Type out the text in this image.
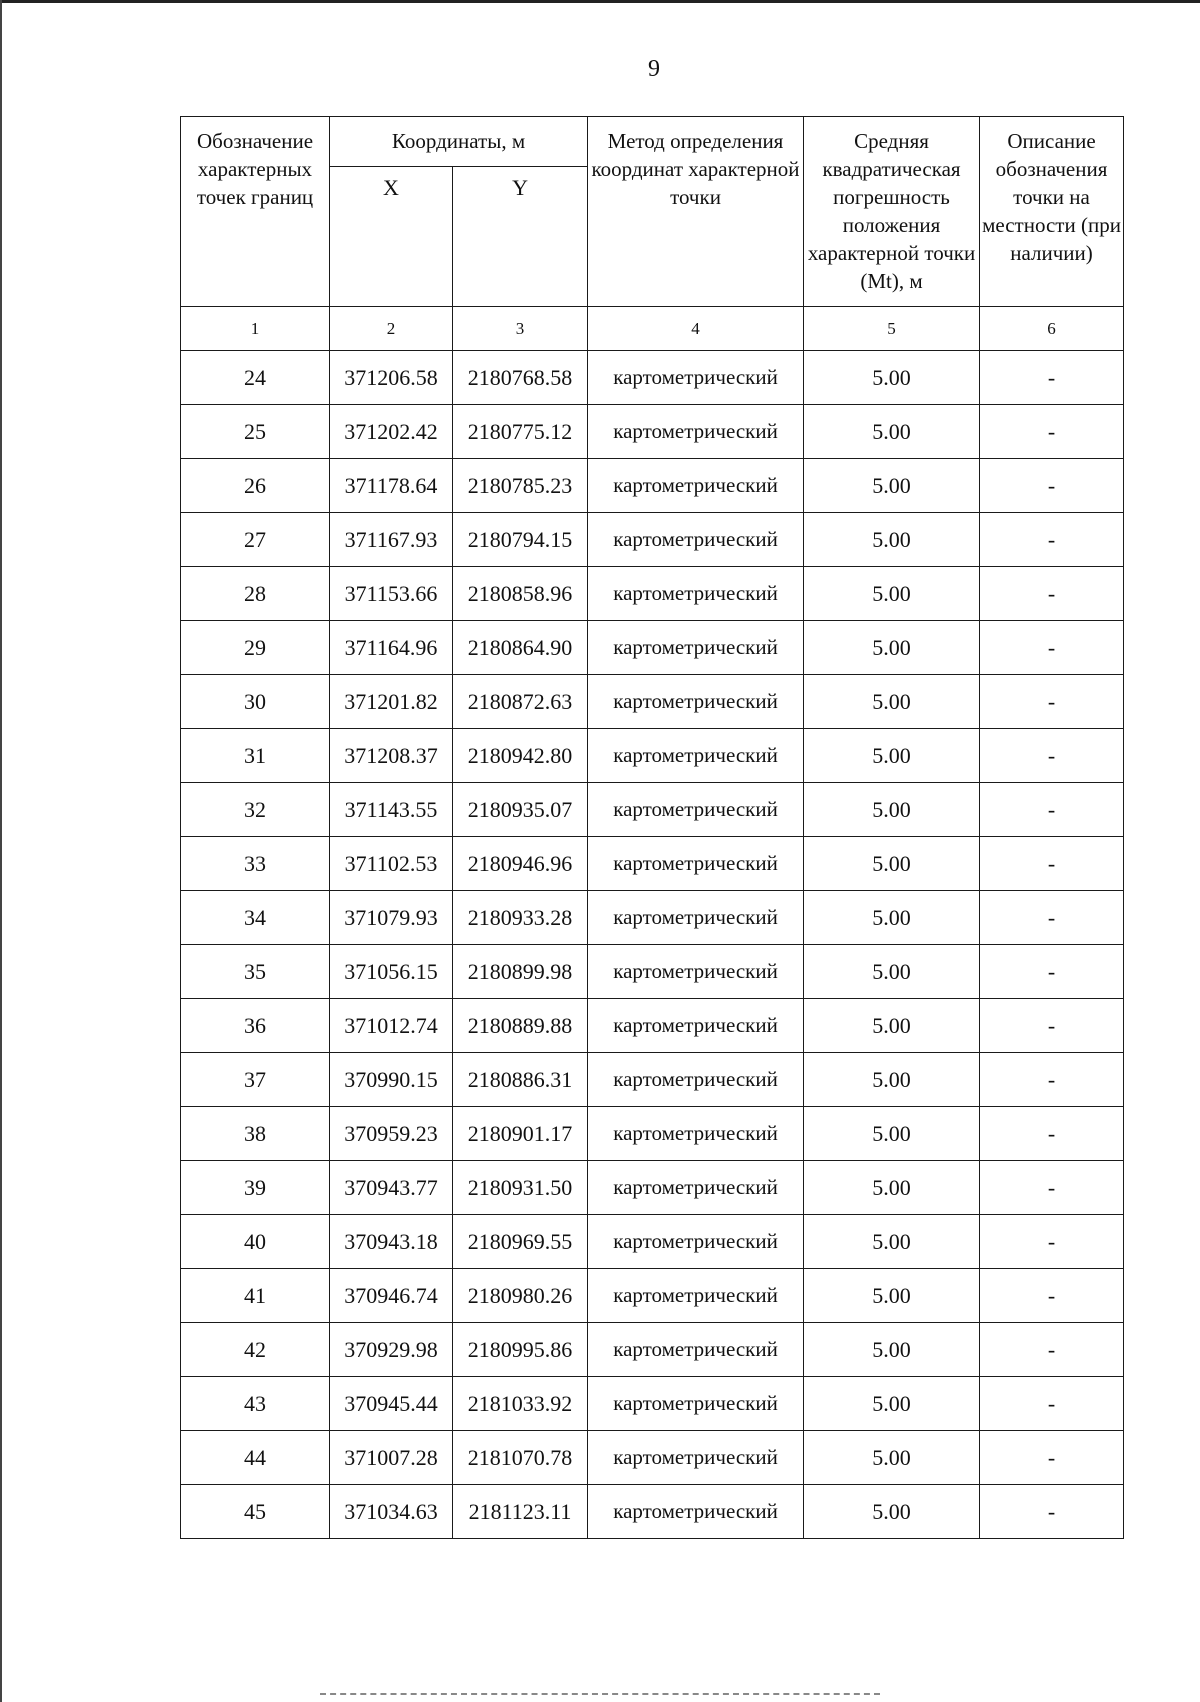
9
Обозначение характерных точек границ	Координаты, м		Метод определения координат характерной точки	Средняя квадратическая погрешность положения характерной точки (Mt), м	Описание обозначения точки на местности (при наличии)
	X	Y			
1	2	3	4	5	6
24	371206.58	2180768.58	картометрический	5.00	-
25	371202.42	2180775.12	картометрический	5.00	-
26	371178.64	2180785.23	картометрический	5.00	-
27	371167.93	2180794.15	картометрический	5.00	-
28	371153.66	2180858.96	картометрический	5.00	-
29	371164.96	2180864.90	картометрический	5.00	-
30	371201.82	2180872.63	картометрический	5.00	-
31	371208.37	2180942.80	картометрический	5.00	-
32	371143.55	2180935.07	картометрический	5.00	-
33	371102.53	2180946.96	картометрический	5.00	-
34	371079.93	2180933.28	картометрический	5.00	-
35	371056.15	2180899.98	картометрический	5.00	-
36	371012.74	2180889.88	картометрический	5.00	-
37	370990.15	2180886.31	картометрический	5.00	-
38	370959.23	2180901.17	картометрический	5.00	-
39	370943.77	2180931.50	картометрический	5.00	-
40	370943.18	2180969.55	картометрический	5.00	-
41	370946.74	2180980.26	картометрический	5.00	-
42	370929.98	2180995.86	картометрический	5.00	-
43	370945.44	2181033.92	картометрический	5.00	-
44	371007.28	2181070.78	картометрический	5.00	-
45	371034.63	2181123.11	картометрический	5.00	-
